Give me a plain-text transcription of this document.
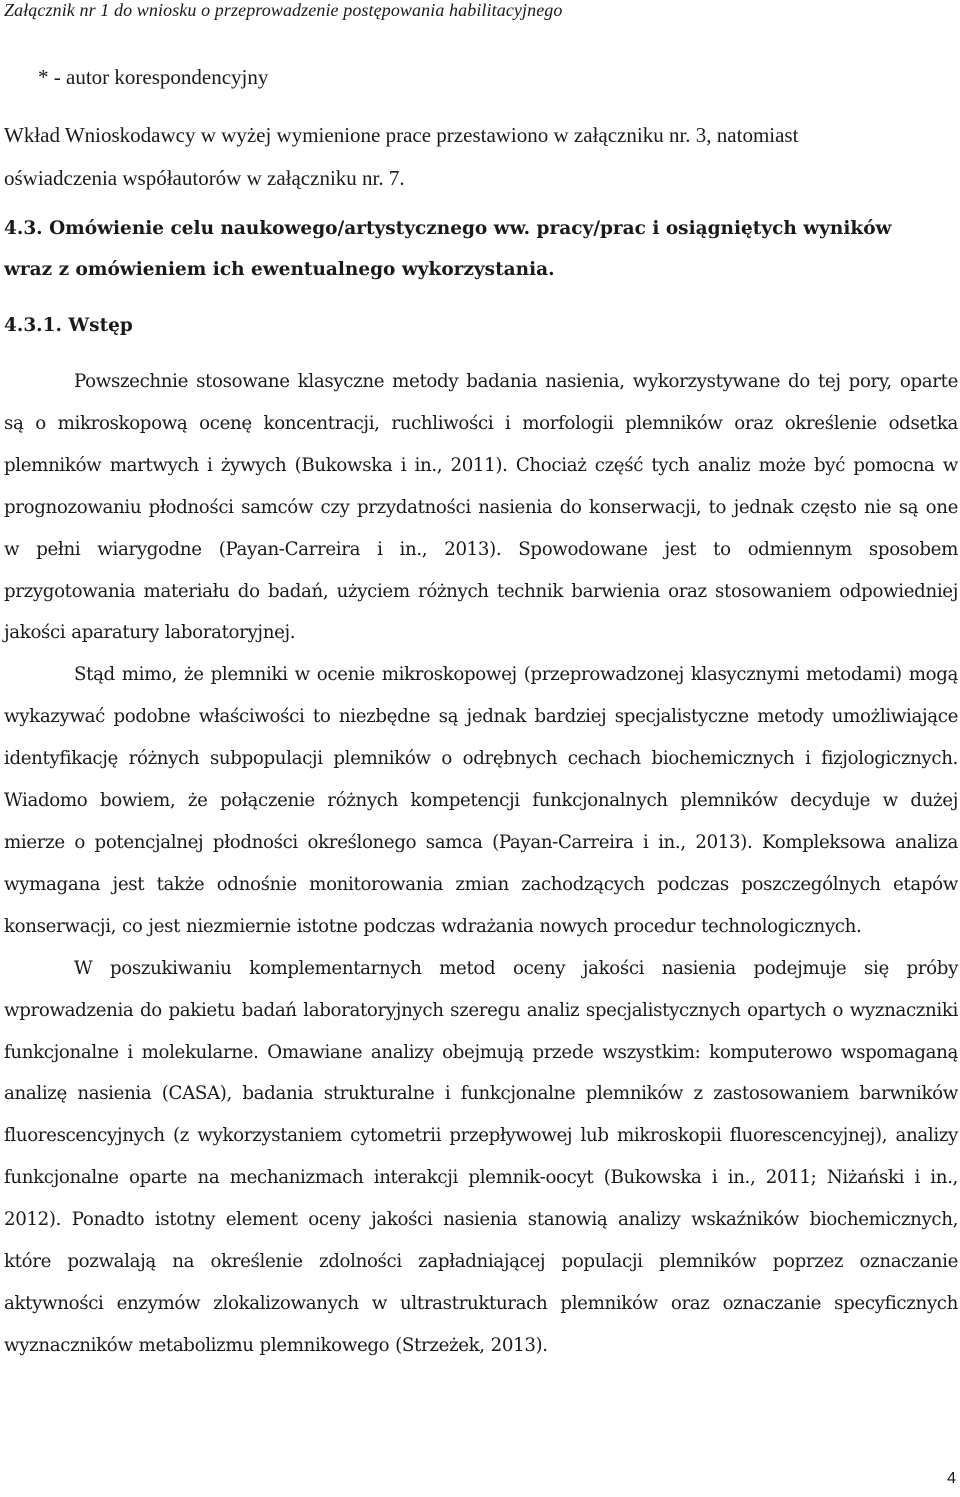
Załącznik nr 1 do wniosku o przeprowadzenie postępowania habilitacyjnego
* - autor korespondencyjny
Wkład Wnioskodawcy w wyżej wymienione prace przestawiono w załączniku nr. 3, natomiast
oświadczenia współautorów w załączniku nr. 7.
4.3. Omówienie celu naukowego/artystycznego ww. pracy/prac i osiągniętych wyników
wraz z omówieniem ich ewentualnego wykorzystania.
4.3.1. Wstęp

Powszechnie stosowane klasyczne metody badania nasienia, wykorzystywane do tej pory, oparte są o mikroskopową ocenę koncentracji, ruchliwości i morfologii plemników oraz określenie odsetka plemników martwych i żywych (Bukowska i in., 2011). Chociaż część tych analiz może być pomocna w prognozowaniu płodności samców czy przydatności nasienia do konserwacji, to jednak często nie są one w pełni wiarygodne (Payan-Carreira i in., 2013). Spowodowane jest to odmiennym sposobem przygotowania materiału do badań, użyciem różnych technik barwienia oraz stosowaniem odpowiedniej jakości aparatury laboratoryjnej.

Stąd mimo, że plemniki w ocenie mikroskopowej (przeprowadzonej klasycznymi metodami) mogą wykazywać podobne właściwości to niezbędne są jednak bardziej specjalistyczne metody umożliwiające identyfikację różnych subpopulacji plemników o odrębnych cechach biochemicznych i fizjologicznych. Wiadomo bowiem, że połączenie różnych kompetencji funkcjonalnych plemników decyduje w dużej mierze o potencjalnej płodności określonego samca (Payan-Carreira i in., 2013). Kompleksowa analiza wymagana jest także odnośnie monitorowania zmian zachodzących podczas poszczególnych etapów konserwacji, co jest niezmiernie istotne podczas wdrażania nowych procedur technologicznych.

W poszukiwaniu komplementarnych metod oceny jakości nasienia podejmuje się próby wprowadzenia do pakietu badań laboratoryjnych szeregu analiz specjalistycznych opartych o wyznaczniki funkcjonalne i molekularne. Omawiane analizy obejmują przede wszystkim: komputerowo wspomaganą analizę nasienia (CASA), badania strukturalne i funkcjonalne plemników z zastosowaniem barwników fluorescencyjnych (z wykorzystaniem cytometrii przepływowej lub mikroskopii fluorescencyjnej), analizy funkcjonalne oparte na mechanizmach interakcji plemnik-oocyt (Bukowska i in., 2011; Niżański i in., 2012). Ponadto istotny element oceny jakości nasienia stanowią analizy wskaźników biochemicznych, które pozwalają na określenie zdolności zapładniającej populacji plemników poprzez oznaczanie aktywności enzymów zlokalizowanych w ultrastrukturach plemników oraz oznaczanie specyficznych wyznaczników metabolizmu plemnikowego (Strzeżek, 2013).

4
